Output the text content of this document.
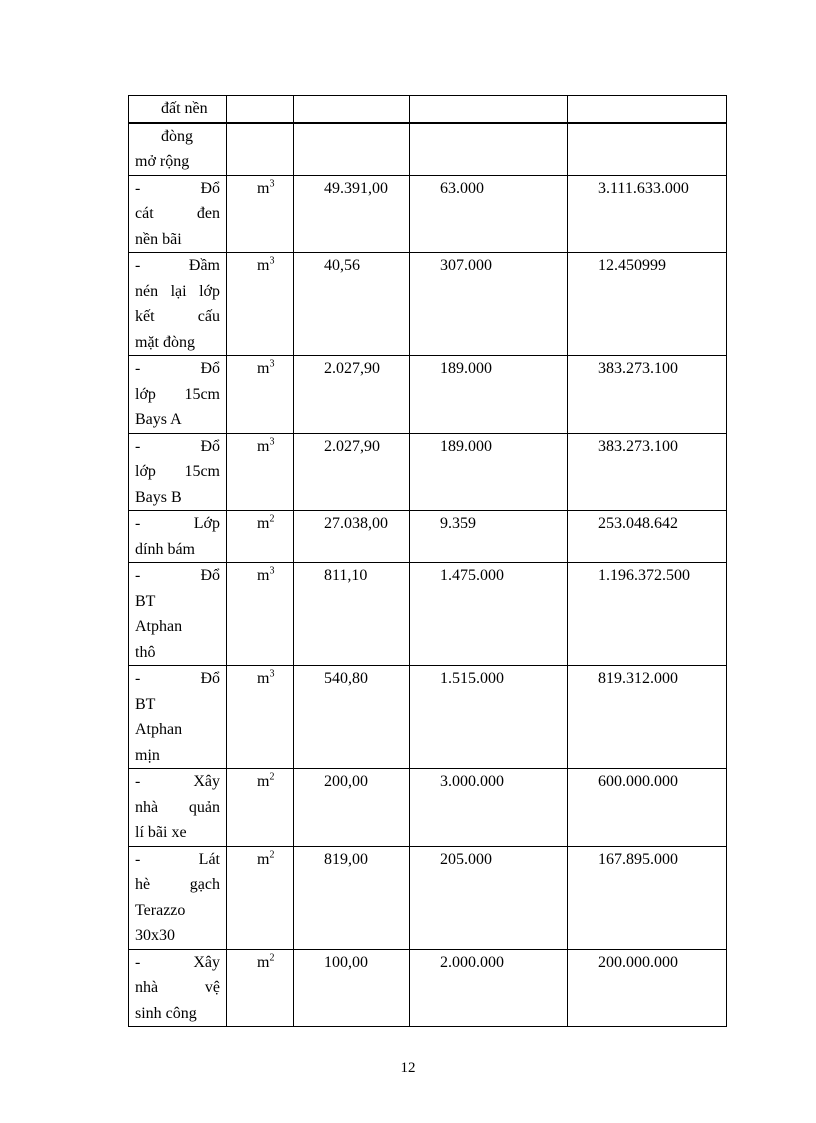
đất nền				

đòng
mở rộng				

- Đổ
cát đen
nền bãi	$m^3$	49.391,00	63.000	3.111.633.000

- Đầm
nén lại lớp
kết cấu
mặt đòng	$m^3$	40,56	307.000	12.450999

- Đổ
lớp 15cm
Bays A	$m^3$	2.027,90	189.000	383.273.100

- Đổ
lớp 15cm
Bays B	$m^3$	2.027,90	189.000	383.273.100

- Lớp
dính bám	$m^2$	27.038,00	9.359	253.048.642

- Đổ
BT
Atphan
thô	$m^3$	811,10	1.475.000	1.196.372.500

- Đổ
BT
Atphan
mịn	$m^3$	540,80	1.515.000	819.312.000

- Xây
nhà quản
lí bãi xe	$m^2$	200,00	3.000.000	600.000.000

- Lát
hè gạch
Terazzo
30x30	$m^2$	819,00	205.000	167.895.000

- Xây
nhà vệ
sinh công	$m^2$	100,00	2.000.000	200.000.000
12
